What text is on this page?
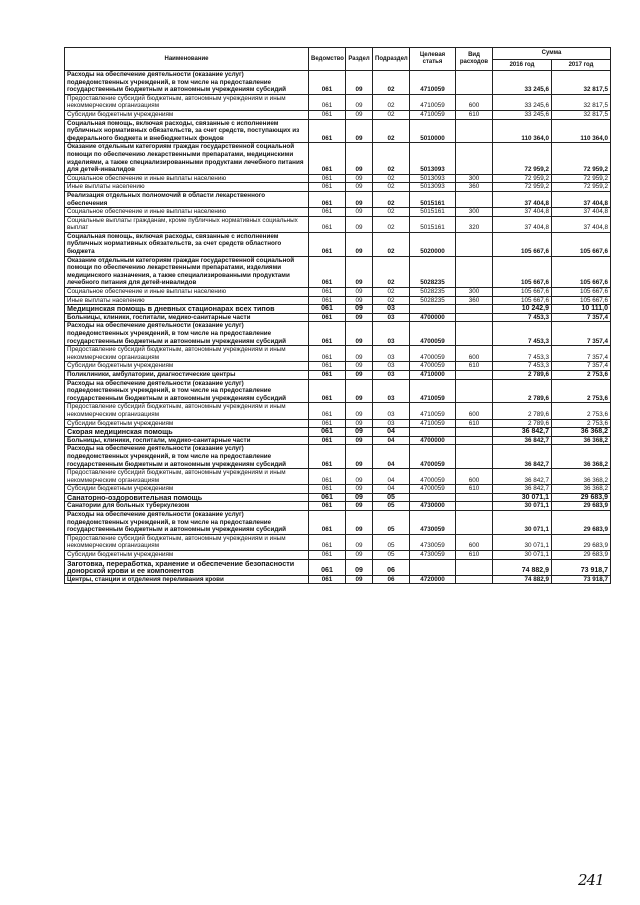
Наименование	Ведомство	Раздел	Подраздел	Целевая статья	Вид расходов	Сумма	
						2016 год	2017 год
Расходы на обеспечение деятельности (оказание услуг) подведомственных учреждений, в том числе на предоставление государственным бюджетным и автономным учреждениям субсидий	061	09	02	4710059		33 245,6	32 817,5
Предоставление субсидий бюджетным, автономным учреждениям и иным некоммерческим организациям	061	09	02	4710059	600	33 245,6	32 817,5
Субсидии бюджетным учреждениям	061	09	02	4710059	610	33 245,6	32 817,5
Социальная помощь, включая расходы, связанные с исполнением публичных нормативных обязательств, за счет средств, поступающих из федерального бюджета и внебюджетных фондов	061	09	02	5010000		110 364,0	110 364,0
Оказание отдельным категориям граждан государственной социальной помощи по обеспечению лекарственными препаратами, медицинскими изделиями, а также специализированными продуктами лечебного питания для детей-инвалидов	061	09	02	5013093		72 959,2	72 959,2
Социальное обеспечение и иные выплаты населению	061	09	02	5013093	300	72 959,2	72 959,2
Иные выплаты населению	061	09	02	5013093	360	72 959,2	72 959,2
Реализация отдельных полномочий в области лекарственного обеспечения	061	09	02	5015161		37 404,8	37 404,8
Социальное обеспечение и иные выплаты населению	061	09	02	5015161	300	37 404,8	37 404,8
Социальные выплаты гражданам, кроме публичных нормативных социальных выплат	061	09	02	5015161	320	37 404,8	37 404,8
Социальная помощь, включая расходы, связанные с исполнением публичных нормативных обязательств, за счет средств областного бюджета	061	09	02	5020000		105 667,6	105 667,6
Оказание отдельным категориям граждан государственной социальной помощи по обеспечению лекарственными препаратами, изделиями медицинского назначения, а также специализированными продуктами лечебного питания для детей-инвалидов	061	09	02	5028235		105 667,6	105 667,6
Социальное обеспечение и иные выплаты населению	061	09	02	5028235	300	105 667,6	105 667,6
Иные выплаты населению	061	09	02	5028235	360	105 667,6	105 667,6
Медицинская помощь в дневных стационарах всех типов	061	09	03			10 242,9	10 111,0
Больницы, клиники, госпитали, медико-санитарные части	061	09	03	4700000		7 453,3	7 357,4
Расходы на обеспечение деятельности (оказание услуг) подведомственных учреждений, в том числе на предоставление государственным бюджетным и автономным учреждениям субсидий	061	09	03	4700059		7 453,3	7 357,4
Предоставление субсидий бюджетным, автономным учреждениям и иным некоммерческим организациям	061	09	03	4700059	600	7 453,3	7 357,4
Субсидии бюджетным учреждениям	061	09	03	4700059	610	7 453,3	7 357,4
Поликлиники, амбулатории, диагностические центры	061	09	03	4710000		2 789,6	2 753,6
Расходы на обеспечение деятельности (оказание услуг) подведомственных учреждений, в том числе на предоставление государственным бюджетным и автономным учреждениям субсидий	061	09	03	4710059		2 789,6	2 753,6
Предоставление субсидий бюджетным, автономным учреждениям и иным некоммерческим организациям	061	09	03	4710059	600	2 789,6	2 753,6
Субсидии бюджетным учреждениям	061	09	03	4710059	610	2 789,6	2 753,6
Скорая медицинская помощь	061	09	04			36 842,7	36 368,2
Больницы, клиники, госпитали, медико-санитарные части	061	09	04	4700000		36 842,7	36 368,2
Расходы на обеспечение деятельности (оказание услуг) подведомственных учреждений, в том числе на предоставление государственным бюджетным и автономным учреждениям субсидий	061	09	04	4700059		36 842,7	36 368,2
Предоставление субсидий бюджетным, автономным учреждениям и иным некоммерческим организациям	061	09	04	4700059	600	36 842,7	36 368,2
Субсидии бюджетным учреждениям	061	09	04	4700059	610	36 842,7	36 368,2
Санаторно-оздоровительная помощь	061	09	05			30 071,1	29 683,9
Санатории для больных туберкулезом	061	09	05	4730000		30 071,1	29 683,9
Расходы на обеспечение деятельности (оказание услуг) подведомственных учреждений, в том числе на предоставление государственным бюджетным и автономным учреждениям субсидий	061	09	05	4730059		30 071,1	29 683,9
Предоставление субсидий бюджетным, автономным учреждениям и иным некоммерческим организациям	061	09	05	4730059	600	30 071,1	29 683,9
Субсидии бюджетным учреждениям	061	09	05	4730059	610	30 071,1	29 683,9
Заготовка, переработка, хранение и обеспечение безопасности донорской крови и ее компонентов	061	09	06			74 882,9	73 918,7
Центры, станции и отделения переливания крови	061	09	06	4720000		74 882,9	73 918,7
241
